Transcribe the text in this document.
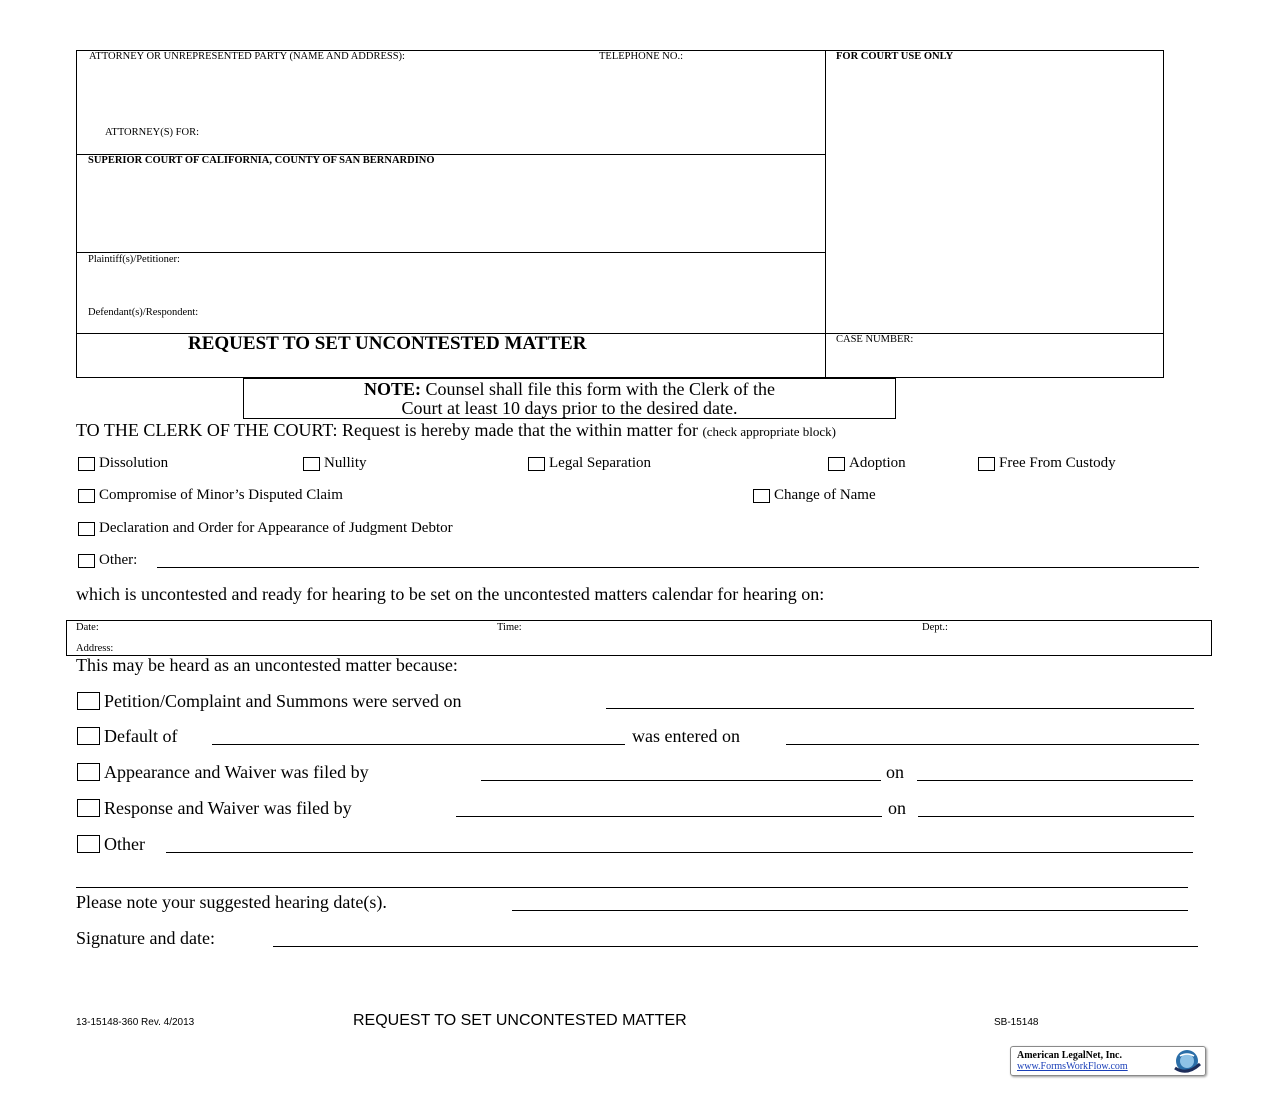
ATTORNEY OR UNREPRESENTED PARTY (NAME AND ADDRESS):	TELEPHONE NO.:	FOR COURT USE ONLY
ATTORNEY(S) FOR:
SUPERIOR COURT OF CALIFORNIA, COUNTY OF SAN BERNARDINO
Plaintiff(s)/Petitioner:
Defendant(s)/Respondent:
REQUEST TO SET UNCONTESTED MATTER	CASE NUMBER:
NOTE: Counsel shall file this form with the Clerk of the
Court at least 10 days prior to the desired date.
TO THE CLERK OF THE COURT: Request is hereby made that the within matter for (check appropriate block)
Dissolution	Nullity	Legal Separation	Adoption	Free From Custody
Compromise of Minor’s Disputed Claim	Change of Name
Declaration and Order for Appearance of Judgment Debtor
Other:
which is uncontested and ready for hearing to be set on the uncontested matters calendar for hearing on:
Date:	Time:	Dept.:
Address:
This may be heard as an uncontested matter because:
Petition/Complaint and Summons were served on
Default of	was entered on
Appearance and Waiver was filed by	on
Response and Waiver was filed by	on
Other
Please note your suggested hearing date(s).
Signature and date:
13-15148-360 Rev. 4/2013	REQUEST TO SET UNCONTESTED MATTER	SB-15148
American LegalNet, Inc.
www.FormsWorkFlow.com
